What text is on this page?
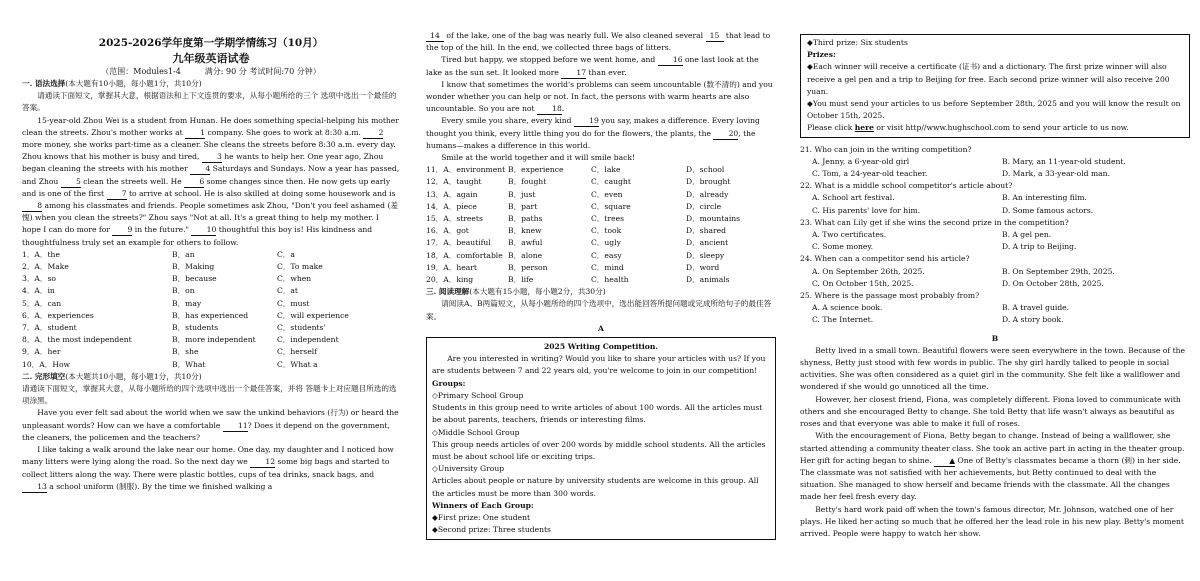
2025-2026学年度第一学期学情练习（10月）
九年级英语试卷
（范围：Modules1-4　　　满分: 90 分 考试时间:70 分钟）
一. 语法选择(本大题有10小题，每小题1分，共10分)
请通读下面短文，掌握其大意，根据语法和上下文连贯的要求，从每小题所给的三个 选项中选出一个最佳的答案。
15-year-old Zhou Wei is a student from Hunan. He does something special-helping his mother clean the streets. Zhou's mother works at 1 company. She goes to work at 8:30 a.m. 2 more money, she works part-time as a cleaner. She cleans the streets before 8:30 a.m. every day. Zhou knows that his mother is busy and tired, 3 he wants to help her. One year ago, Zhou began cleaning the streets with his mother 4 Saturdays and Sundays. Now a year has passed, and Zhou 5 clean the streets well. He 6 some changes since then. He now gets up early and is one of the first 7 to arrive at school. He is also skilled at doing some housework and is 8 among his classmates and friends. People sometimes ask Zhou, "Don't you feel ashamed (羞愧) when you clean the streets?" Zhou says "Not at all. It's a great thing to help my mother. I hope I can do more for 9 in the future." 10 thoughtful this boy is! His kindness and thoughtfulness truly set an example for others to follow.
1．A．the	B．an	C．a
2．A．Make	B．Making	C．To make
3．A．so	B．because	C．when
4．A．in	B．on	C．at
5．A．can	B．may	C．must
6．A．experiences	B．has experienced	C．will experience
7．A．student	B．students	C．students'
8．A．the most independent	B．more independent	C．independent
9．A．her	B．she	C．herself
10．A．How	B．What	C．What a
二. 完形填空(本大题共10小题，每小题1分，共10分)
请通读下面短文，掌握其大意，从每小题所给的四个选项中选出一个最佳答案，并将 答题卡上对应题目所选的选项涂黑。
Have you ever felt sad about the world when we saw the unkind behaviors (行为) or heard the unpleasant words? How can we have a comfortable 11? Does it depend on the government, the cleaners, the policemen and the teachers?
I like taking a walk around the lake near our home. One day, my daughter and I noticed how many litters were lying along the road. So the next day we 12 some big bags and started to collect litters along the way. There were plastic bottles, cups of tea drinks, snack bags, and 13 a school uniform (制服). By the time we finished walking a
14 of the lake, one of the bag was nearly full. We also cleaned several 15 that lead to the top of the hill. In the end, we collected three bags of litters.
Tired but happy, we stopped before we went home, and 16 one last look at the lake as the sun set. It looked more 17 than ever.
I know that sometimes the world's problems can seem uncountable (数不清的) and you wonder whether you can help or not. In fact, the persons with warm hearts are also uncountable. So you are not 18.
Every smile you share, every kind 19 you say, makes a difference. Every loving thought you think, every little thing you do for the flowers, the plants, the 20, the humans—makes a difference in this world.
Smile at the world together and it will smile back!
11．A．environment B．experience	C．lake	D．school
12．A．taught	B．fought	C．caught	D．brought
13．A．again	B．just	C．even	D．already
14．A．piece	B．part	C．square	D．circle
15．A．streets	B．paths	C．trees	D．mountains
16．A．got	B．knew	C．took	D．shared
17．A．beautiful	B．awful	C．ugly	D．ancient
18．A．comfortable B．alone	C．easy	D．sleepy
19．A．heart	B．person	C．mind	D．word
20．A．king	B．life	C．health	D．animals
三. 阅读理解(本大题有15小题，每小题2分，共30分)
请阅读A、B两篇短文，从每小题所给的四个选项中，选出能回答所提问题或完成所给句子的最佳答案。
A
2025 Writing Competition.
Are you interested in writing? Would you like to share your articles with us? If you are students between 7 and 22 years old, you're welcome to join in our competition!
Groups:
◇Primary School Group
Students in this group need to write articles of about 100 words. All the articles must be about parents, teachers, friends or interesting films.
◇Middle School Group
This group needs articles of over 200 words by middle school students. All the articles must be about school life or exciting trips.
◇University Group
Articles about people or nature by university students are welcome in this group. All the articles must be more than 300 words.
Winners of Each Group:
◆First prize: One student
◆Second prize: Three students
◆Third prize: Six students
Prizes:
◆Each winner will receive a certificate (证书) and a dictionary. The first prize winner will also receive a gel pen and a trip to Beijing for free. Each second prize winner will also receive 200 yuan.
◆You must send your articles to us before September 28th, 2025 and you will know the result on October 15th, 2025.
Please click here or visit http//www.hughschool.com to send your article to us now.
21. Who can join in the writing competition?
A. Jenny, a 6-year-old girl	B. Mary, an 11-year-old student.
C. Tom, a 24-year-old teacher.	D. Mark, a 33-year-old man.
22. What is a middle school competitor's article about?
A. School art festival.	B. An interesting film.
C. His parents' love for him.	D. Some famous actors.
23. What can Lily get if she wins the second prize in the competition?
A. Two certificates.	B. A gel pen.
C. Some money.	D. A trip to Beijing.
24. When can a competitor send his article?
A. On September 26th, 2025.	B. On September 29th, 2025.
C. On October 15th, 2025.	D. On October 28th, 2025.
25. Where is the passage most probably from?
A. A science book.	B. A travel guide.
C. The Internet.	D. A story book.
B
Betty lived in a small town. Beautiful flowers were seen everywhere in the town. Because of the shyness, Betty just stood with few words in public. The shy girl hardly talked to people in social activities. She was often considered as a quiet girl in the community. She felt like a wallflower and wondered if she would go unnoticed all the time.
However, her closest friend, Fiona, was completely different. Fiona loved to communicate with others and she encouraged Betty to change. She told Betty that life wasn't always as beautiful as roses and that everyone was able to make it full of roses.
With the encouragement of Fiona, Betty began to change. Instead of being a wallflower, she started attending a community theater class. She took an active part in acting in the theater group. Her gift for acting began to shine. ▲ One of Betty's classmates became a thorn (刺) in her side. The classmate was not satisfied with her achievements, but Betty continued to deal with the situation. She managed to show herself and became friends with the classmate. All the changes made her feel fresh every day.
Betty's hard work paid off when the town's famous director, Mr. Johnson, watched one of her plays. He liked her acting so much that he offered her the lead role in his new play. Betty's moment arrived. People were happy to watch her show.
